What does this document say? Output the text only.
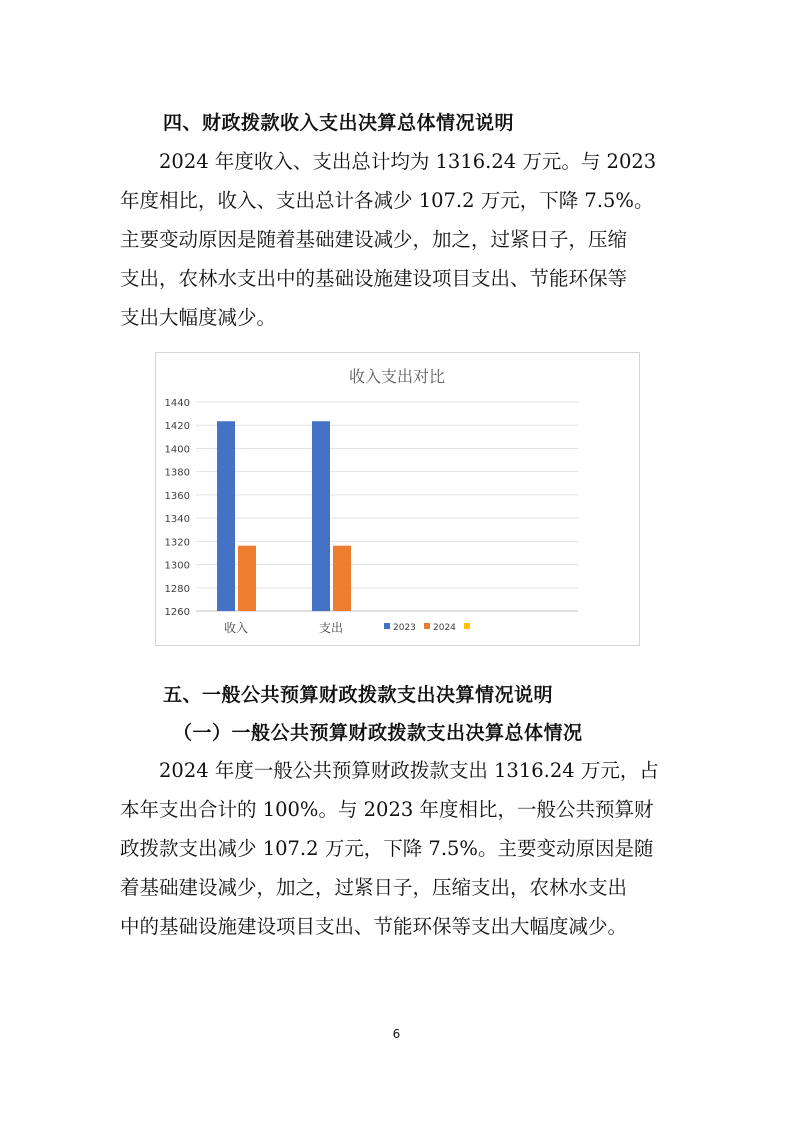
四、财政拨款收入支出决算总体情况说明
2024 年度收入、支出总计均为 1316.24 万元。与 2023
年度相比，收入、支出总计各减少 107.2 万元，下降 7.5%。
主要变动原因是随着基础建设减少，加之，过紧日子，压缩
支出，农林水支出中的基础设施建设项目支出、节能环保等
支出大幅度减少。
收入支出对比
1260
1280
1300
1320
1340
1360
1380
1400
1420
1440
收入	支出	2023 2024
五、一般公共预算财政拨款支出决算情况说明
（一）一般公共预算财政拨款支出决算总体情况
2024 年度一般公共预算财政拨款支出 1316.24 万元，占
本年支出合计的 100%。与 2023 年度相比，一般公共预算财
政拨款支出减少 107.2 万元，下降 7.5%。主要变动原因是随
着基础建设减少，加之，过紧日子，压缩支出，农林水支出
中的基础设施建设项目支出、节能环保等支出大幅度减少。
6
